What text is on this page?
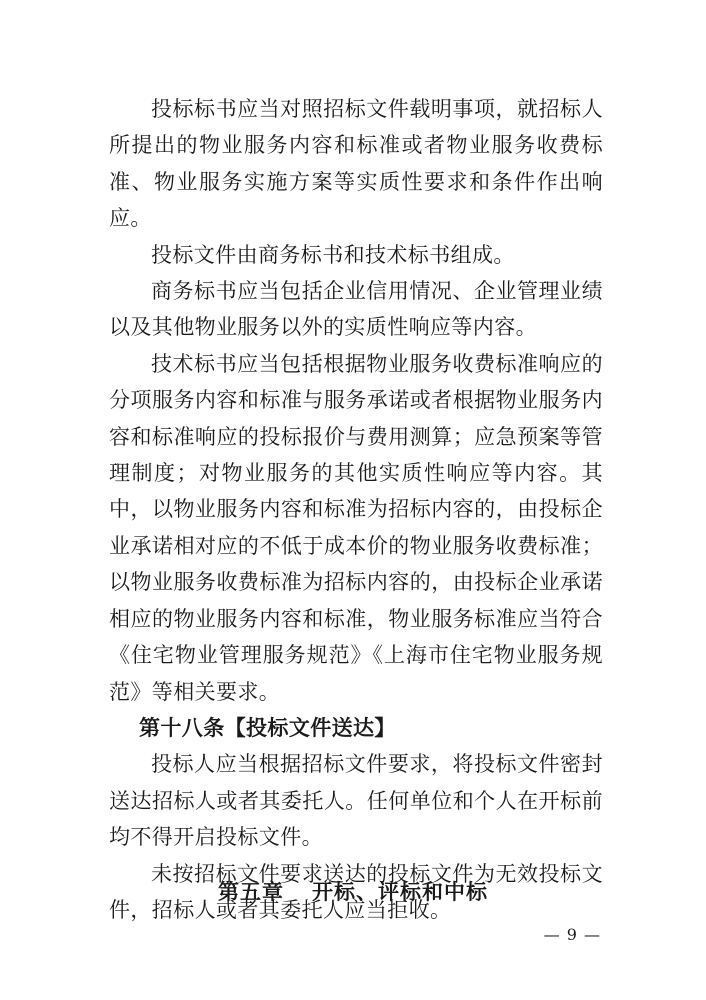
投标标书应当对照招标文件载明事项，就招标人所提出的物业服务内容和标准或者物业服务收费标准、物业服务实施方案等实质性要求和条件作出响应。

投标文件由商务标书和技术标书组成。

商务标书应当包括企业信用情况、企业管理业绩以及其他物业服务以外的实质性响应等内容。

技术标书应当包括根据物业服务收费标准响应的分项服务内容和标准与服务承诺或者根据物业服务内容和标准响应的投标报价与费用测算；应急预案等管理制度；对物业服务的其他实质性响应等内容。其中，以物业服务内容和标准为招标内容的，由投标企业承诺相对应的不低于成本价的物业服务收费标准；以物业服务收费标准为招标内容的，由投标企业承诺相应的物业服务内容和标准，物业服务标准应当符合《住宅物业管理服务规范》《上海市住宅物业服务规范》等相关要求。

第十八条【投标文件送达】

投标人应当根据招标文件要求，将投标文件密封送达招标人或者其委托人。任何单位和个人在开标前均不得开启投标文件。

未按招标文件要求送达的投标文件为无效投标文件，招标人或者其委托人应当拒收。

第五章 开标、评标和中标
— 9 —
